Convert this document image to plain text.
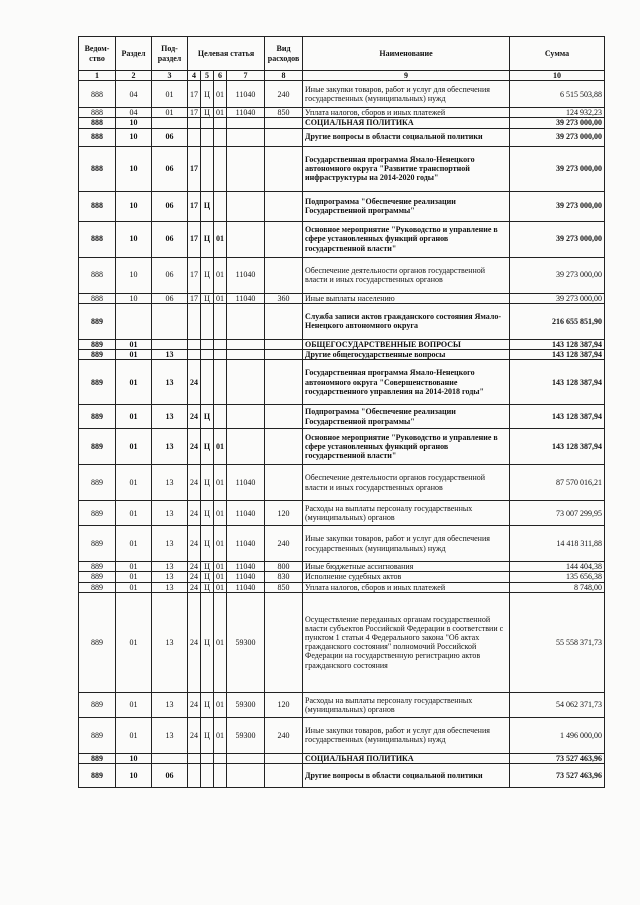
Ведом-ство	Раздел	Под-раздел	Целевая статья				Вид расходов	Наименование	Сумма
1	2	3	4	5	6	7	8	9	10
888	04	01	17	Ц	01	11040	240	Иные закупки товаров, работ и услуг для обеспечения государственных (муниципальных) нужд	6 515 503,88
888	04	01	17	Ц	01	11040	850	Уплата налогов, сборов и иных платежей	124 932,23
888	10							СОЦИАЛЬНАЯ ПОЛИТИКА	39 273 000,00
888	10	06						Другие вопросы в области социальной политики	39 273 000,00
888	10	06	17					Государственная программа Ямало-Ненецкого автономного округа "Развитие транспортной инфраструктуры на 2014-2020 годы"	39 273 000,00
888	10	06	17	Ц				Подпрограмма "Обеспечение реализации Государственной программы"	39 273 000,00
888	10	06	17	Ц	01			Основное мероприятие "Руководство и управление в сфере установленных функций органов государственной власти"	39 273 000,00
888	10	06	17	Ц	01	11040		Обеспечение деятельности органов государственной власти и иных государственных органов	39 273 000,00
888	10	06	17	Ц	01	11040	360	Иные выплаты населению	39 273 000,00
889								Служба записи актов гражданского состояния Ямало-Ненецкого автономного округа	216 655 851,90
889	01							ОБЩЕГОСУДАРСТВЕННЫЕ ВОПРОСЫ	143 128 387,94
889	01	13						Другие общегосударственные вопросы	143 128 387,94
889	01	13	24					Государственная программа Ямало-Ненецкого автономного округа "Совершенствование государственного управления на 2014-2018 годы"	143 128 387,94
889	01	13	24	Ц				Подпрограмма "Обеспечение реализации Государственной программы"	143 128 387,94
889	01	13	24	Ц	01			Основное мероприятие "Руководство и управление в сфере установленных функций органов государственной власти"	143 128 387,94
889	01	13	24	Ц	01	11040		Обеспечение деятельности органов государственной власти и иных государственных органов	87 570 016,21
889	01	13	24	Ц	01	11040	120	Расходы на выплаты персоналу государственных (муниципальных) органов	73 007 299,95
889	01	13	24	Ц	01	11040	240	Иные закупки товаров, работ и услуг для обеспечения государственных (муниципальных) нужд	14 418 311,88
889	01	13	24	Ц	01	11040	800	Иные бюджетные ассигнования	144 404,38
889	01	13	24	Ц	01	11040	830	Исполнение судебных актов	135 656,38
889	01	13	24	Ц	01	11040	850	Уплата налогов, сборов и иных платежей	8 748,00
889	01	13	24	Ц	01	59300		Осуществление переданных органам государственной власти субъектов Российской Федерации в соответствии с пунктом 1 статьи 4 Федерального закона "Об актах гражданского состояния" полномочий Российской Федерации на государственную регистрацию актов гражданского состояния	55 558 371,73
889	01	13	24	Ц	01	59300	120	Расходы на выплаты персоналу государственных (муниципальных) органов	54 062 371,73
889	01	13	24	Ц	01	59300	240	Иные закупки товаров, работ и услуг для обеспечения государственных (муниципальных) нужд	1 496 000,00
889	10							СОЦИАЛЬНАЯ ПОЛИТИКА	73 527 463,96
889	10	06						Другие вопросы в области социальной политики	73 527 463,96
